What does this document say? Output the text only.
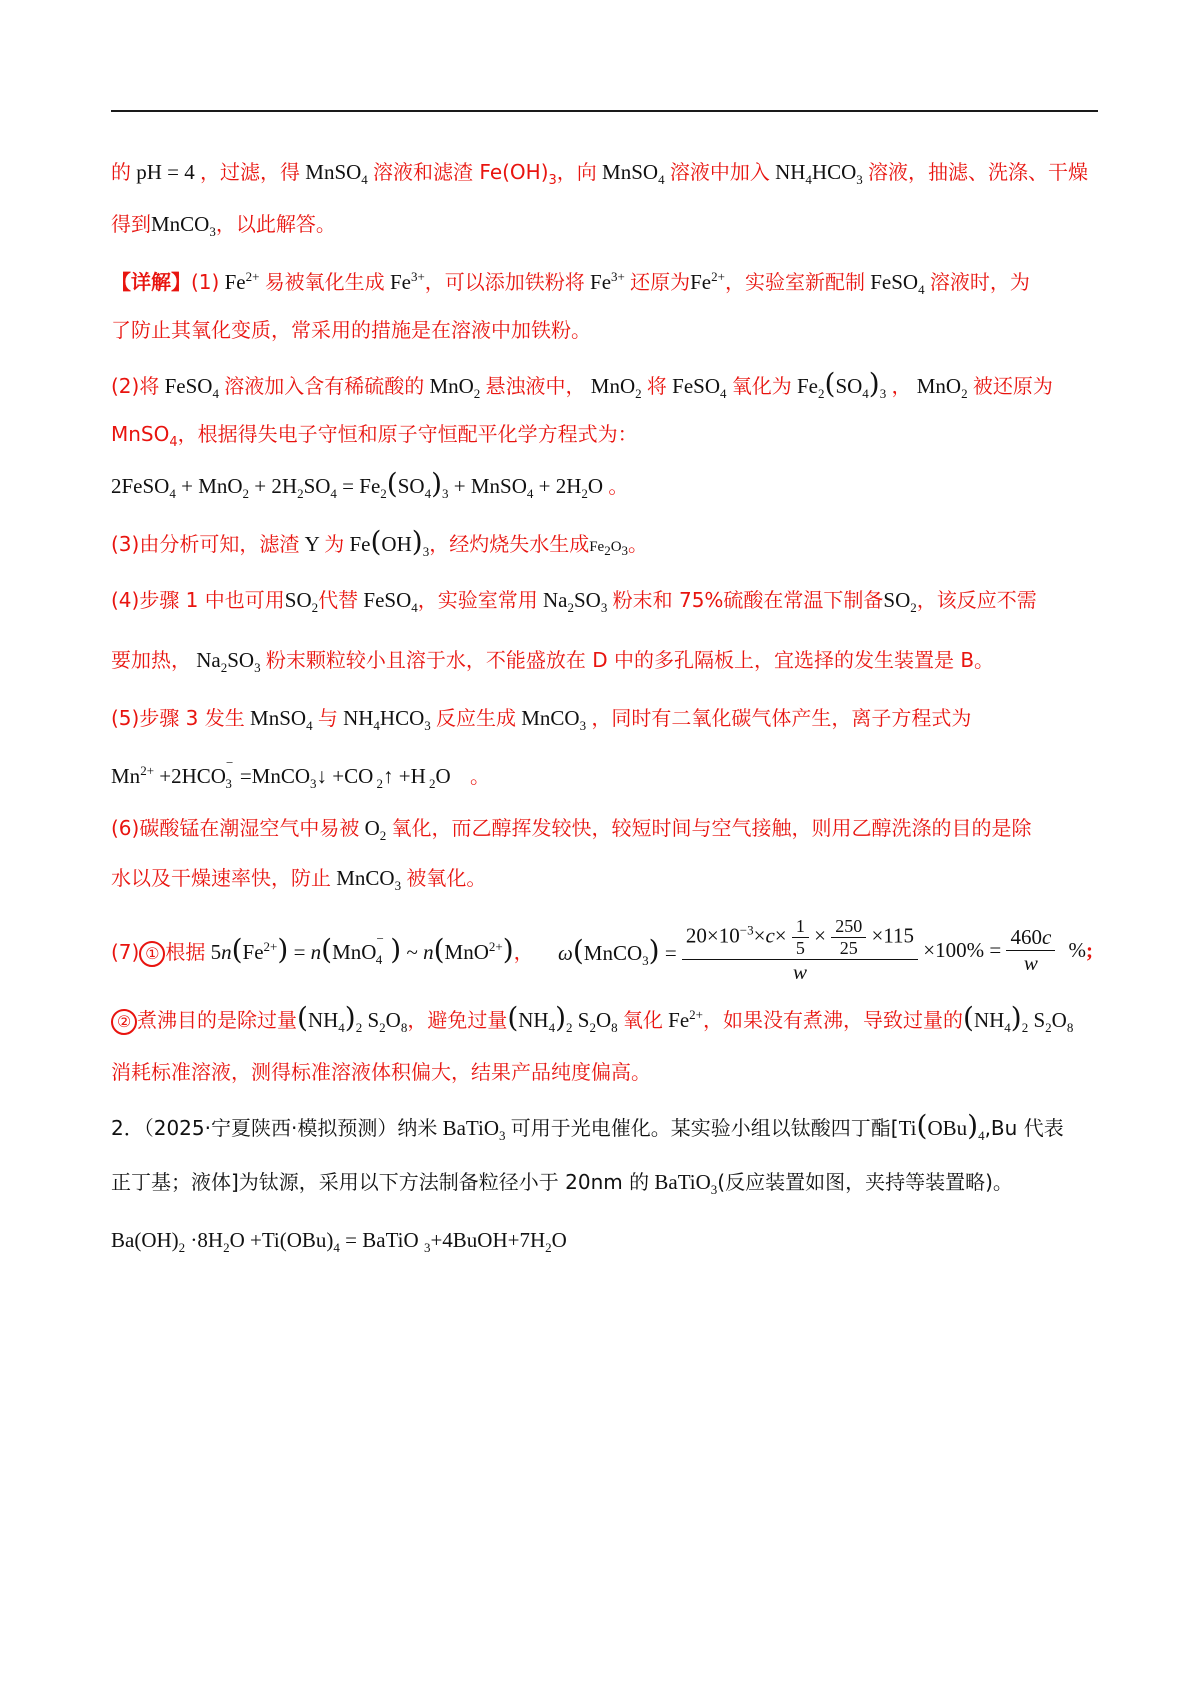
的 pH = 4 ，过滤，得 MnSO$_4$ 溶液和滤渣 $Fe(OH)_3$，向 MnSO$_4$ 溶液中加入 $NH_4HCO_3$ 溶液，抽滤、洗涤、干燥
得到MnCO$_3$，以此解答。
【详解】(1) $Fe^{2+}$ 易被氧化生成 $Fe^{3+}$，可以添加铁粉将 $Fe^{3+}$ 还原为$Fe^{2+}$，实验室新配制 FeSO$_4$ 溶液时，为
了防止其氧化变质，常采用的措施是在溶液中加铁粉。
(2)将 FeSO$_4$ 溶液加入含有稀硫酸的 MnO$_2$ 悬浊液中， MnO$_2$ 将 FeSO$_4$ 氧化为 $Fe_2(SO_4)_3$ ， MnO$_2$ 被还原为
MnSO$_4$，根据得失电子守恒和原子守恒配平化学方程式为：
2FeSO$_4$ + $MnO_2 + 2H_2SO_4 = Fe_2(SO_4)_3$ + MnSO$_4$ + $2H_2O$ 。
(3)由分析可知，滤渣 Y 为 $Fe(OH)_3$，经灼烧失水生成$Fe_2O_3$。
(4)步骤 1 中也可用$SO_2$代替 FeSO$_4$，实验室常用 $Na_2SO_3$ 粉末和 75%硫酸在常温下制备$SO_2$，该反应不需
要加热， $Na_2SO_3$ 粉末颗粒较小且溶于水，不能盛放在 D 中的多孔隔板上，宜选择的发生装置是 B。
(5)步骤 3 发生 MnSO$_4$ 与 $NH_4HCO_3$ 反应生成 MnCO$_3$ ，同时有二氧化碳气体产生，离子方程式为
$Mn^{2+} +2HCO^-_3$ =MnCO$_3$↓ +CO $_2$↑ +H $_2$O 。
(6)碳酸锰在潮湿空气中易被 $O_2$ 氧化，而乙醇挥发较快，较短时间与空气接触，则用乙醇洗涤的目的是除
水以及干燥速率快，防止 MnCO$_3$ 被氧化。
(7) ① 根据 $5n(Fe^{2+}) = n(MnO^-_4$ ) ~ n(MnO$^{2+}$)，	ω(MnCO$_3$) = $\frac{20\times 10^{-3}\times c\times \frac{1}{5} \times \frac{250}{25} \times 115}{w} \times 100\% = \frac{460c}{w}$ %;
② 煮沸目的是除过量$(NH_4)_2$ $S_2O_8$，避免过量$(NH_4)_2$ $S_2O_8$ 氧化 $Fe^{2+}$，如果没有煮沸，导致过量的$(NH_4)_2$ $S_2O_8$
消耗标准溶液，测得标准溶液体积偏大，结果产品纯度偏高。
2．（2025·宁夏陕西·模拟预测）纳米 BaTiO$_3$ 可用于光电催化。某实验小组以钛酸四丁酯[$Ti(OBu)_4,Bu$ 代表
正丁基；液体]为钛源，采用以下方法制备粒径小于 20nm 的 BaTiO$_3$(反应装置如图，夹持等装置略)。
$Ba(OH)_2 \cdot 8H_2O +Ti(OBu)_4$ = BaTiO $_3+4BuOH+7H_2O$
